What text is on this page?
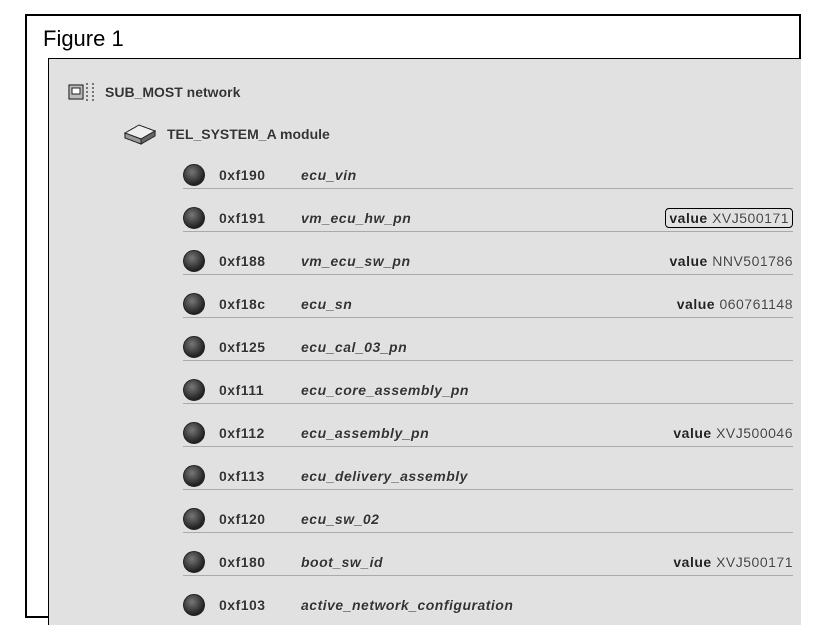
Figure 1
SUB_MOST network
TEL_SYSTEM_A module
0xf190	ecu_vin
0xf191	vm_ecu_hw_pn	value XVJ500171
0xf188	vm_ecu_sw_pn	value NNV501786
0xf18c	ecu_sn	value 060761148
0xf125	ecu_cal_03_pn
0xf111	ecu_core_assembly_pn
0xf112	ecu_assembly_pn	value XVJ500046
0xf113	ecu_delivery_assembly
0xf120	ecu_sw_02
0xf180	boot_sw_id	value XVJ500171
0xf103	active_network_configuration
